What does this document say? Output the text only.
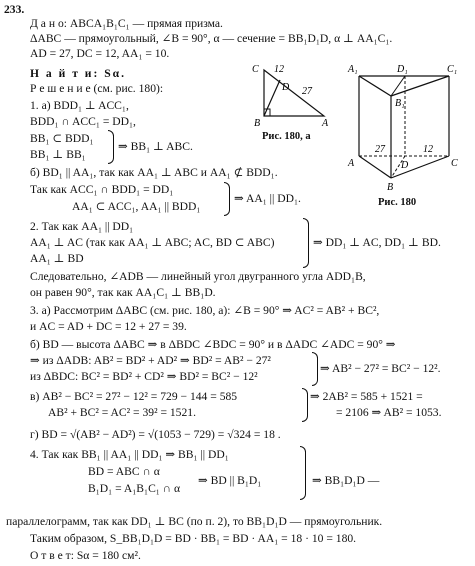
233.
Д а н о: ABCA₁B₁C₁ — прямая призма.
ΔABC — прямоугольный, ∠B = 90°, α — сечение = BB₁D₁D, α ⊥ AA₁C₁.
AD = 27, DC = 12, AA₁ = 10.
Н а й т и: Sα.
Р е ш е н и е (см. рис. 180):
1. а) BDD₁ ⊥ ACC₁,
BDD₁ ∩ ACC₁ = DD₁,
BB₁ ⊂ BDD₁
BB₁ ⊥ BB₁
⇒ BB₁ ⊥ ABC.
б) BD₁ || AA₁, так как AA₁ ⊥ ABC и AA₁ ⊄ BDD₁.
Так как ACC₁ ∩ BDD₁ = DD₁
AA₁ ⊂ ACC₁, AA₁ || BDD₁
⇒ AA₁ || DD₁.
2. Так как AA₁ || DD₁
AA₁ ⊥ AC (так как AA₁ ⊥ ABC; AC, BD ⊂ ABC)
AA₁ ⊥ BD
⇒ DD₁ ⊥ AC, DD₁ ⊥ BD.
Следовательно, ∠ADB — линейный угол двугранного угла ADD₁B,
он равен 90°, так как AA₁C₁ ⊥ BB₁D.
3. а) Рассмотрим ΔABC (см. рис. 180, а): ∠B = 90° ⇒ AC² = AB² + BC²,
и AC = AD + DC = 12 + 27 = 39.
б) BD — высота ΔABC ⇒ в ΔBDC ∠BDC = 90° и в ΔADC ∠ADC = 90° ⇒
⇒ из ΔADB: AB² = BD² + AD² ⇒ BD² = AB² − 27²
из ΔBDC: BC² = BD² + CD² ⇒ BD² = BC² − 12²
⇒ AB² − 27² = BC² − 12².
в) AB² − BC² = 27² − 12² = 729 − 144 = 585
AB² + BC² = AC² = 39² = 1521.
⇒ 2AB² = 585 + 1521 =
= 2106 ⇒ AB² = 1053.
г) BD = √(AB² − AD²) = √(1053 − 729) = √324 = 18 .
4. Так как BB₁ || AA₁ || DD₁ ⇒ BB₁ || DD₁
BD = ABC ∩ α
B₁D₁ = A₁B₁C₁ ∩ α
⇒ BD || B₁D₁	⇒ BB₁D₁D —
параллелограмм, так как DD₁ ⊥ BC (по п. 2), то BB₁D₁D — прямоугольник.
Таким образом, S_BB₁D₁D = BD · BB₁ = BD · AA₁ = 18 · 10 = 180.
О т в е т: Sα = 180 см².
C 12
D 27
B	A
Рис. 180, а
A₁	D₁	C₁
B₁
27	12
A	D	C
B
Рис. 180
